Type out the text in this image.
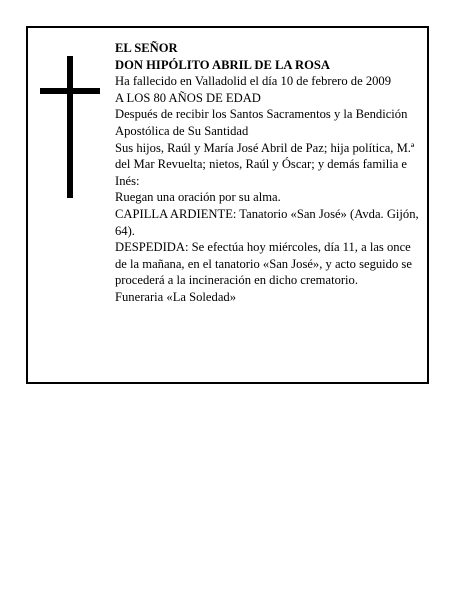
EL SEÑOR

DON HIPÓLITO ABRIL DE LA ROSA

Ha fallecido en Valladolid el día 10 de febrero de 2009

A LOS 80 AÑOS DE EDAD

Después de recibir los Santos Sacramentos y la Bendición Apostólica de Su Santidad

Sus hijos, Raúl y María José Abril de Paz; hija política, M.ª del Mar Revuelta; nietos, Raúl y Óscar; y demás familia e Inés:

Ruegan una oración por su alma.

CAPILLA ARDIENTE: Tanatorio «San José» (Avda. Gijón, 64).

DESPEDIDA: Se efectúa hoy miércoles, día 11, a las once de la mañana, en el tanatorio «San José», y acto seguido se procederá a la incineración en dicho crematorio.

Funeraria «La Soledad»
